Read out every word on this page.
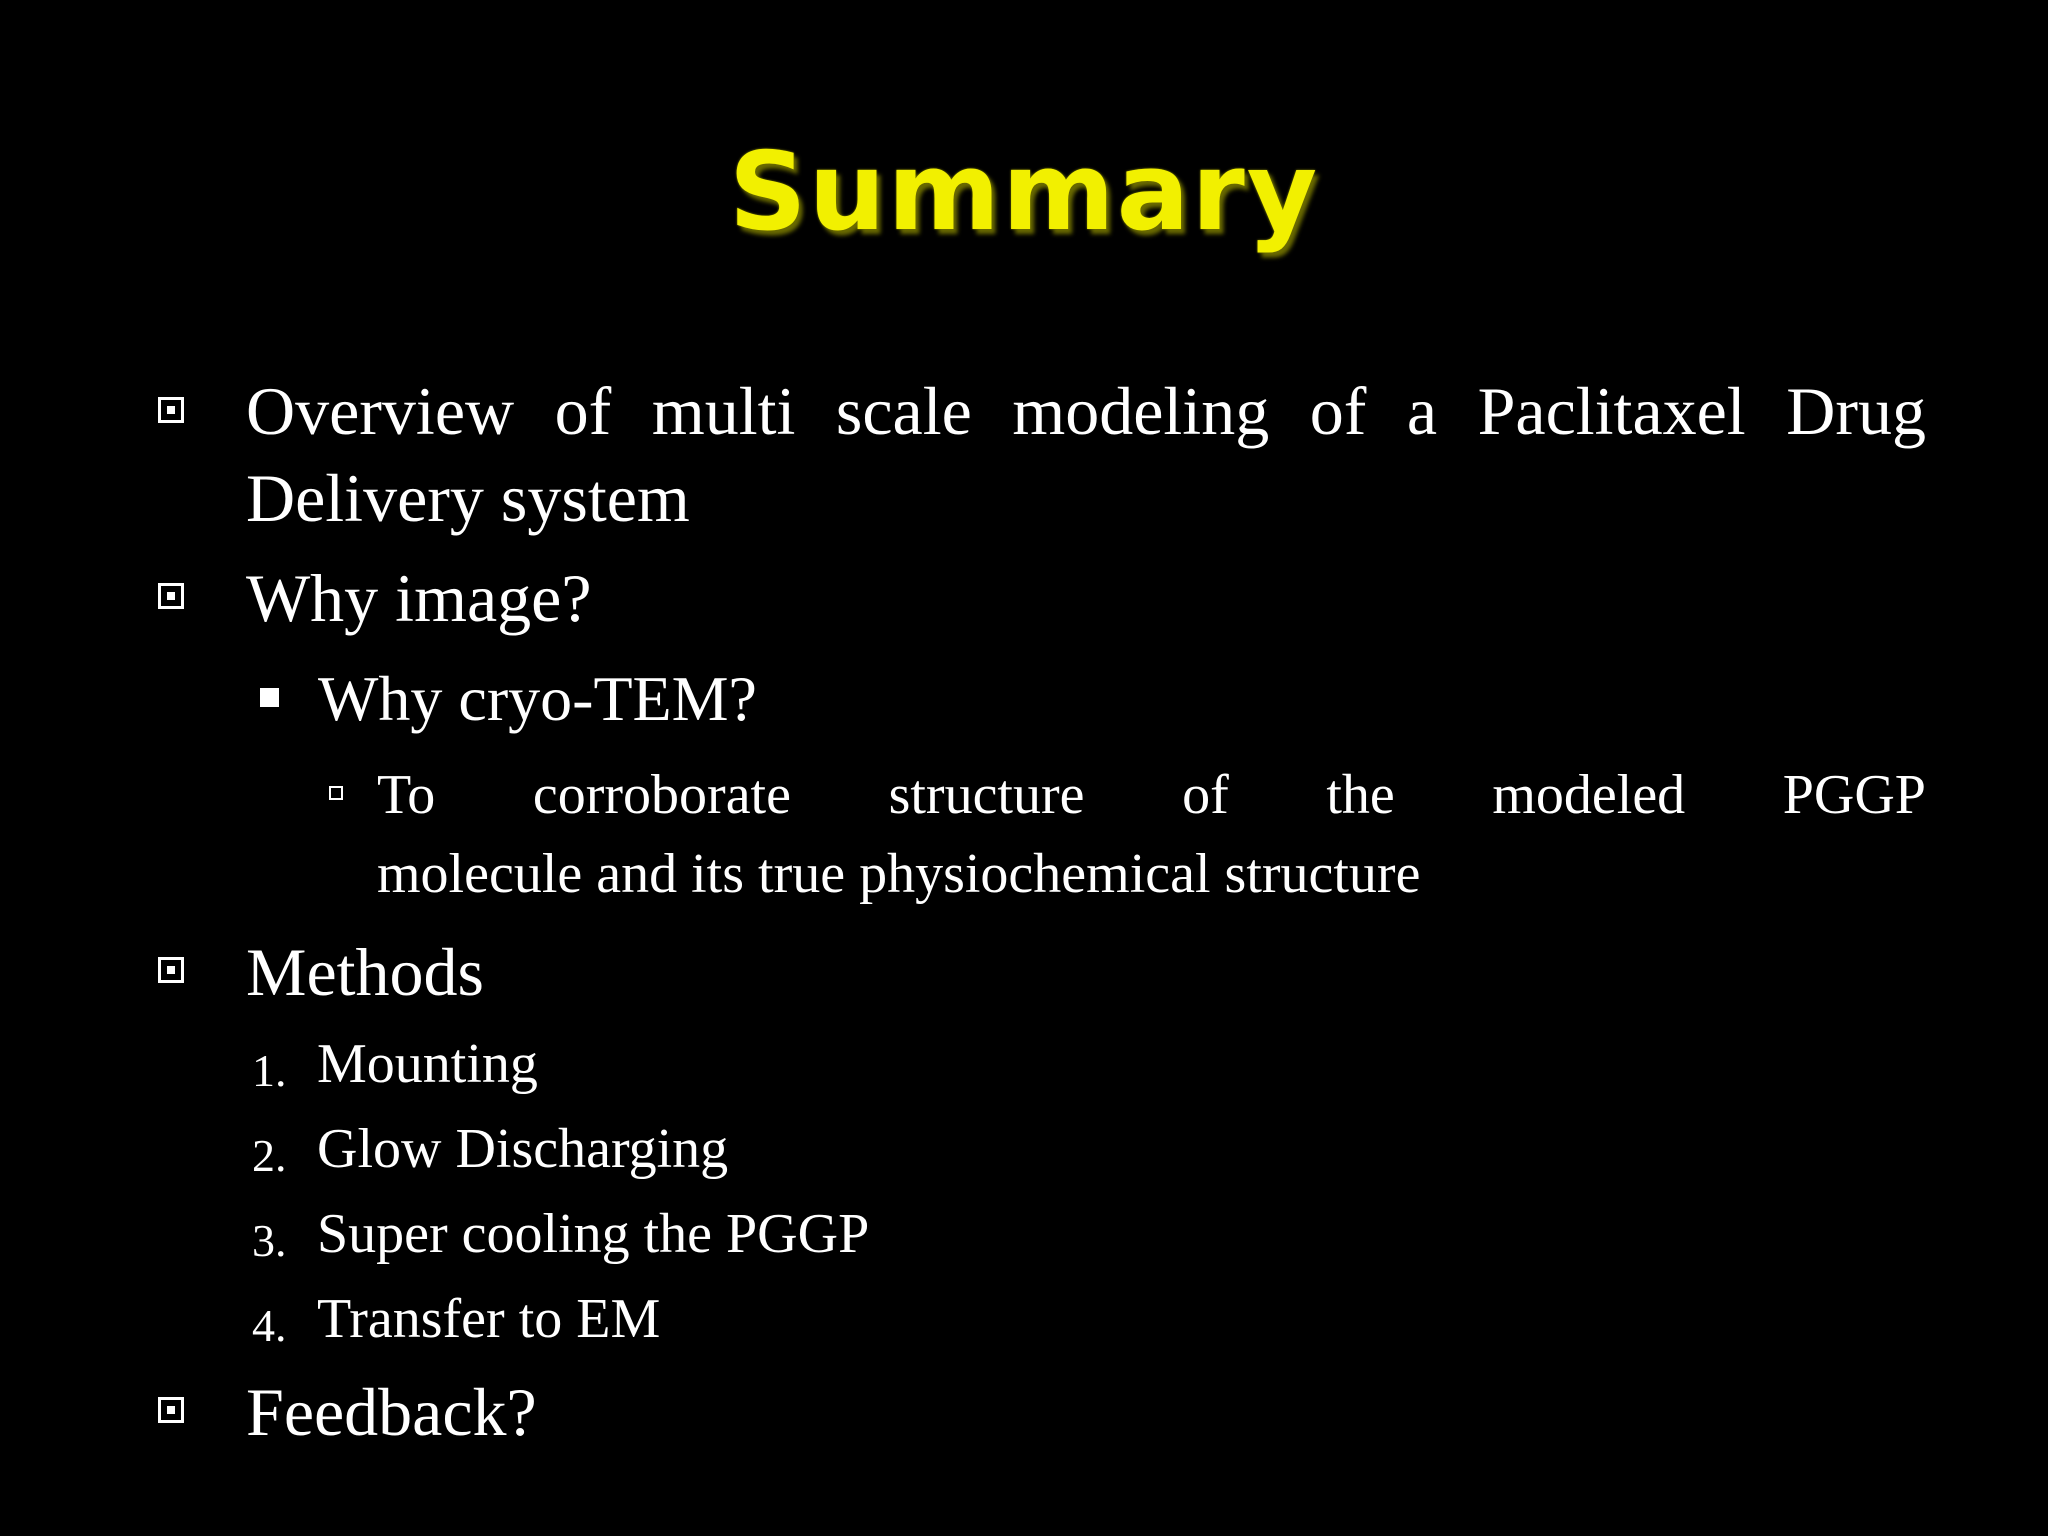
Summary
Overview of multi scale modeling of a Paclitaxel Drug
Delivery system
Why image?
Why cryo-TEM?
To corroborate structure of the modeled PGGP
molecule and its true physiochemical structure
Methods
1. Mounting
2. Glow Discharging
3. Super cooling the PGGP
4. Transfer to EM
Feedback?
